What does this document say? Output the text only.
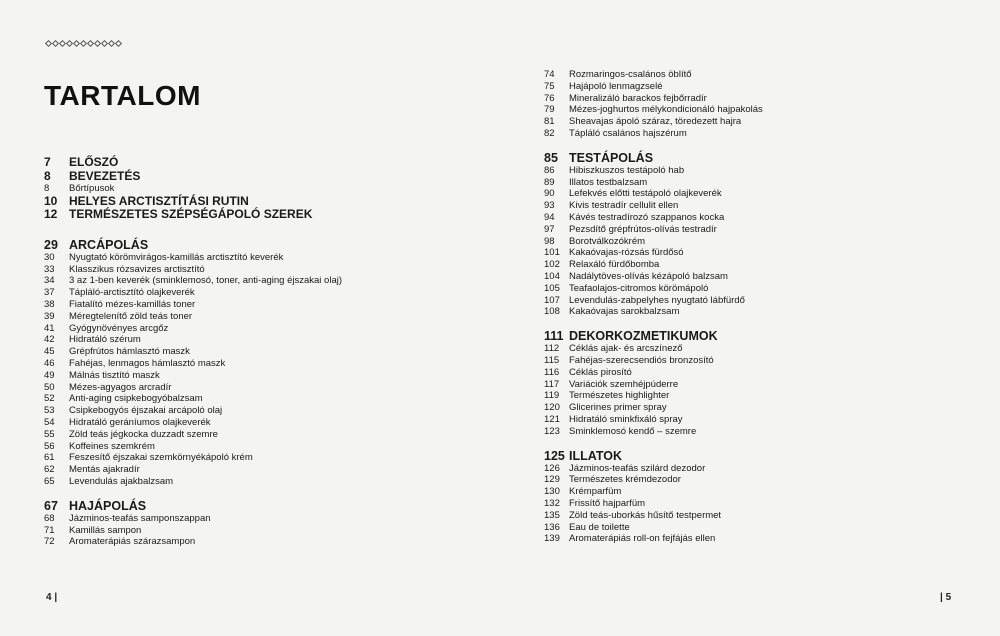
TARTALOM
7	ELŐSZÓ
8	BEVEZETÉS
8	Bőrtípusok
10 HELYES ARCTISZTÍTÁSI RUTIN
12 TERMÉSZETES SZÉPSÉGÁPOLÓ SZEREK
29 ARCÁPOLÁS
30	Nyugtató körömvirágos-kamillás arctisztító keverék
33	Klasszikus rózsavizes arctisztító
34	3 az 1-ben keverék (sminklemosó, toner, anti-aging éjszakai olaj)
37	Tápláló-arctisztító olajkeverék
38	Fiatalító mézes-kamillás toner
39	Méregtelenítő zöld teás toner
41	Gyógynövényes arcgőz
42	Hidratáló szérum
45	Grépfrútos hámlasztó maszk
46	Fahéjas, lenmagos hámlasztó maszk
49	Málnás tisztító maszk
50	Mézes-agyagos arcradír
52	Anti-aging csipkebogyóbalzsam
53	Csipkebogyós éjszakai arcápoló olaj
54	Hidratáló geráníumos olajkeverék
55	Zöld teás jégkocka duzzadt szemre
56	Koffeines szemkrém
61	Feszesítő éjszakai szemkörnyékápoló krém
62	Mentás ajakradír
65	Levendulás ajakbalzsam
67 HAJÁPOLÁS
68	Jázminos-teafás samponszappan
71	Kamillás sampon
72	Aromaterápiás szárazsampon
74	Rozmaringos-csalános öblítő
75	Hajápoló lenmagzselé
76	Mineralizáló barackos fejbőrradír
79	Mézes-joghurtos mélykondicionáló hajpakolás
81	Sheavajas ápoló száraz, töredezett hajra
82	Tápláló csalános hajszérum
85 TESTÁPOLÁS
86	Hibiszkuszos testápoló hab
89	Illatos testbalzsam
90	Lefekvés előtti testápoló olajkeverék
93	Kivis testradír cellulit ellen
94	Kávés testradírozó szappanos kocka
97	Pezsdítő grépfrútos-olívás testradír
98	Borotválkozókrém
101 Kakaóvajas-rózsás fürdősó
102 Relaxáló fürdőbomba
104 Nadálytöves-olívás kézápoló balzsam
105 Teafaolajos-citromos körömápoló
107 Levendulás-zabpelyhes nyugtató lábfürdő
108 Kakaóvajas sarokbalzsam
111 DEKORKOZMETIKUMOK
112	Céklás ajak- és arcszínező
115	Fahéjas-szerecsendiós bronzosító
116	Céklás pirosító
117	Variációk szemhéjpúderre
119	Természetes highlighter
120 Glicerines primer spray
121 Hidratáló sminkfixáló spray
123 Sminklemosó kendő – szemre
125 ILLATOK
126 Jázminos-teafás szilárd dezodor
129 Természetes krémdezodor
130 Krémparfüm
132 Frissítő hajparfüm
135 Zöld teás-uborkás hűsítő testpermet
136 Eau de toilette
139 Aromaterápiás roll-on fejfájás ellen
4 |	| 5
